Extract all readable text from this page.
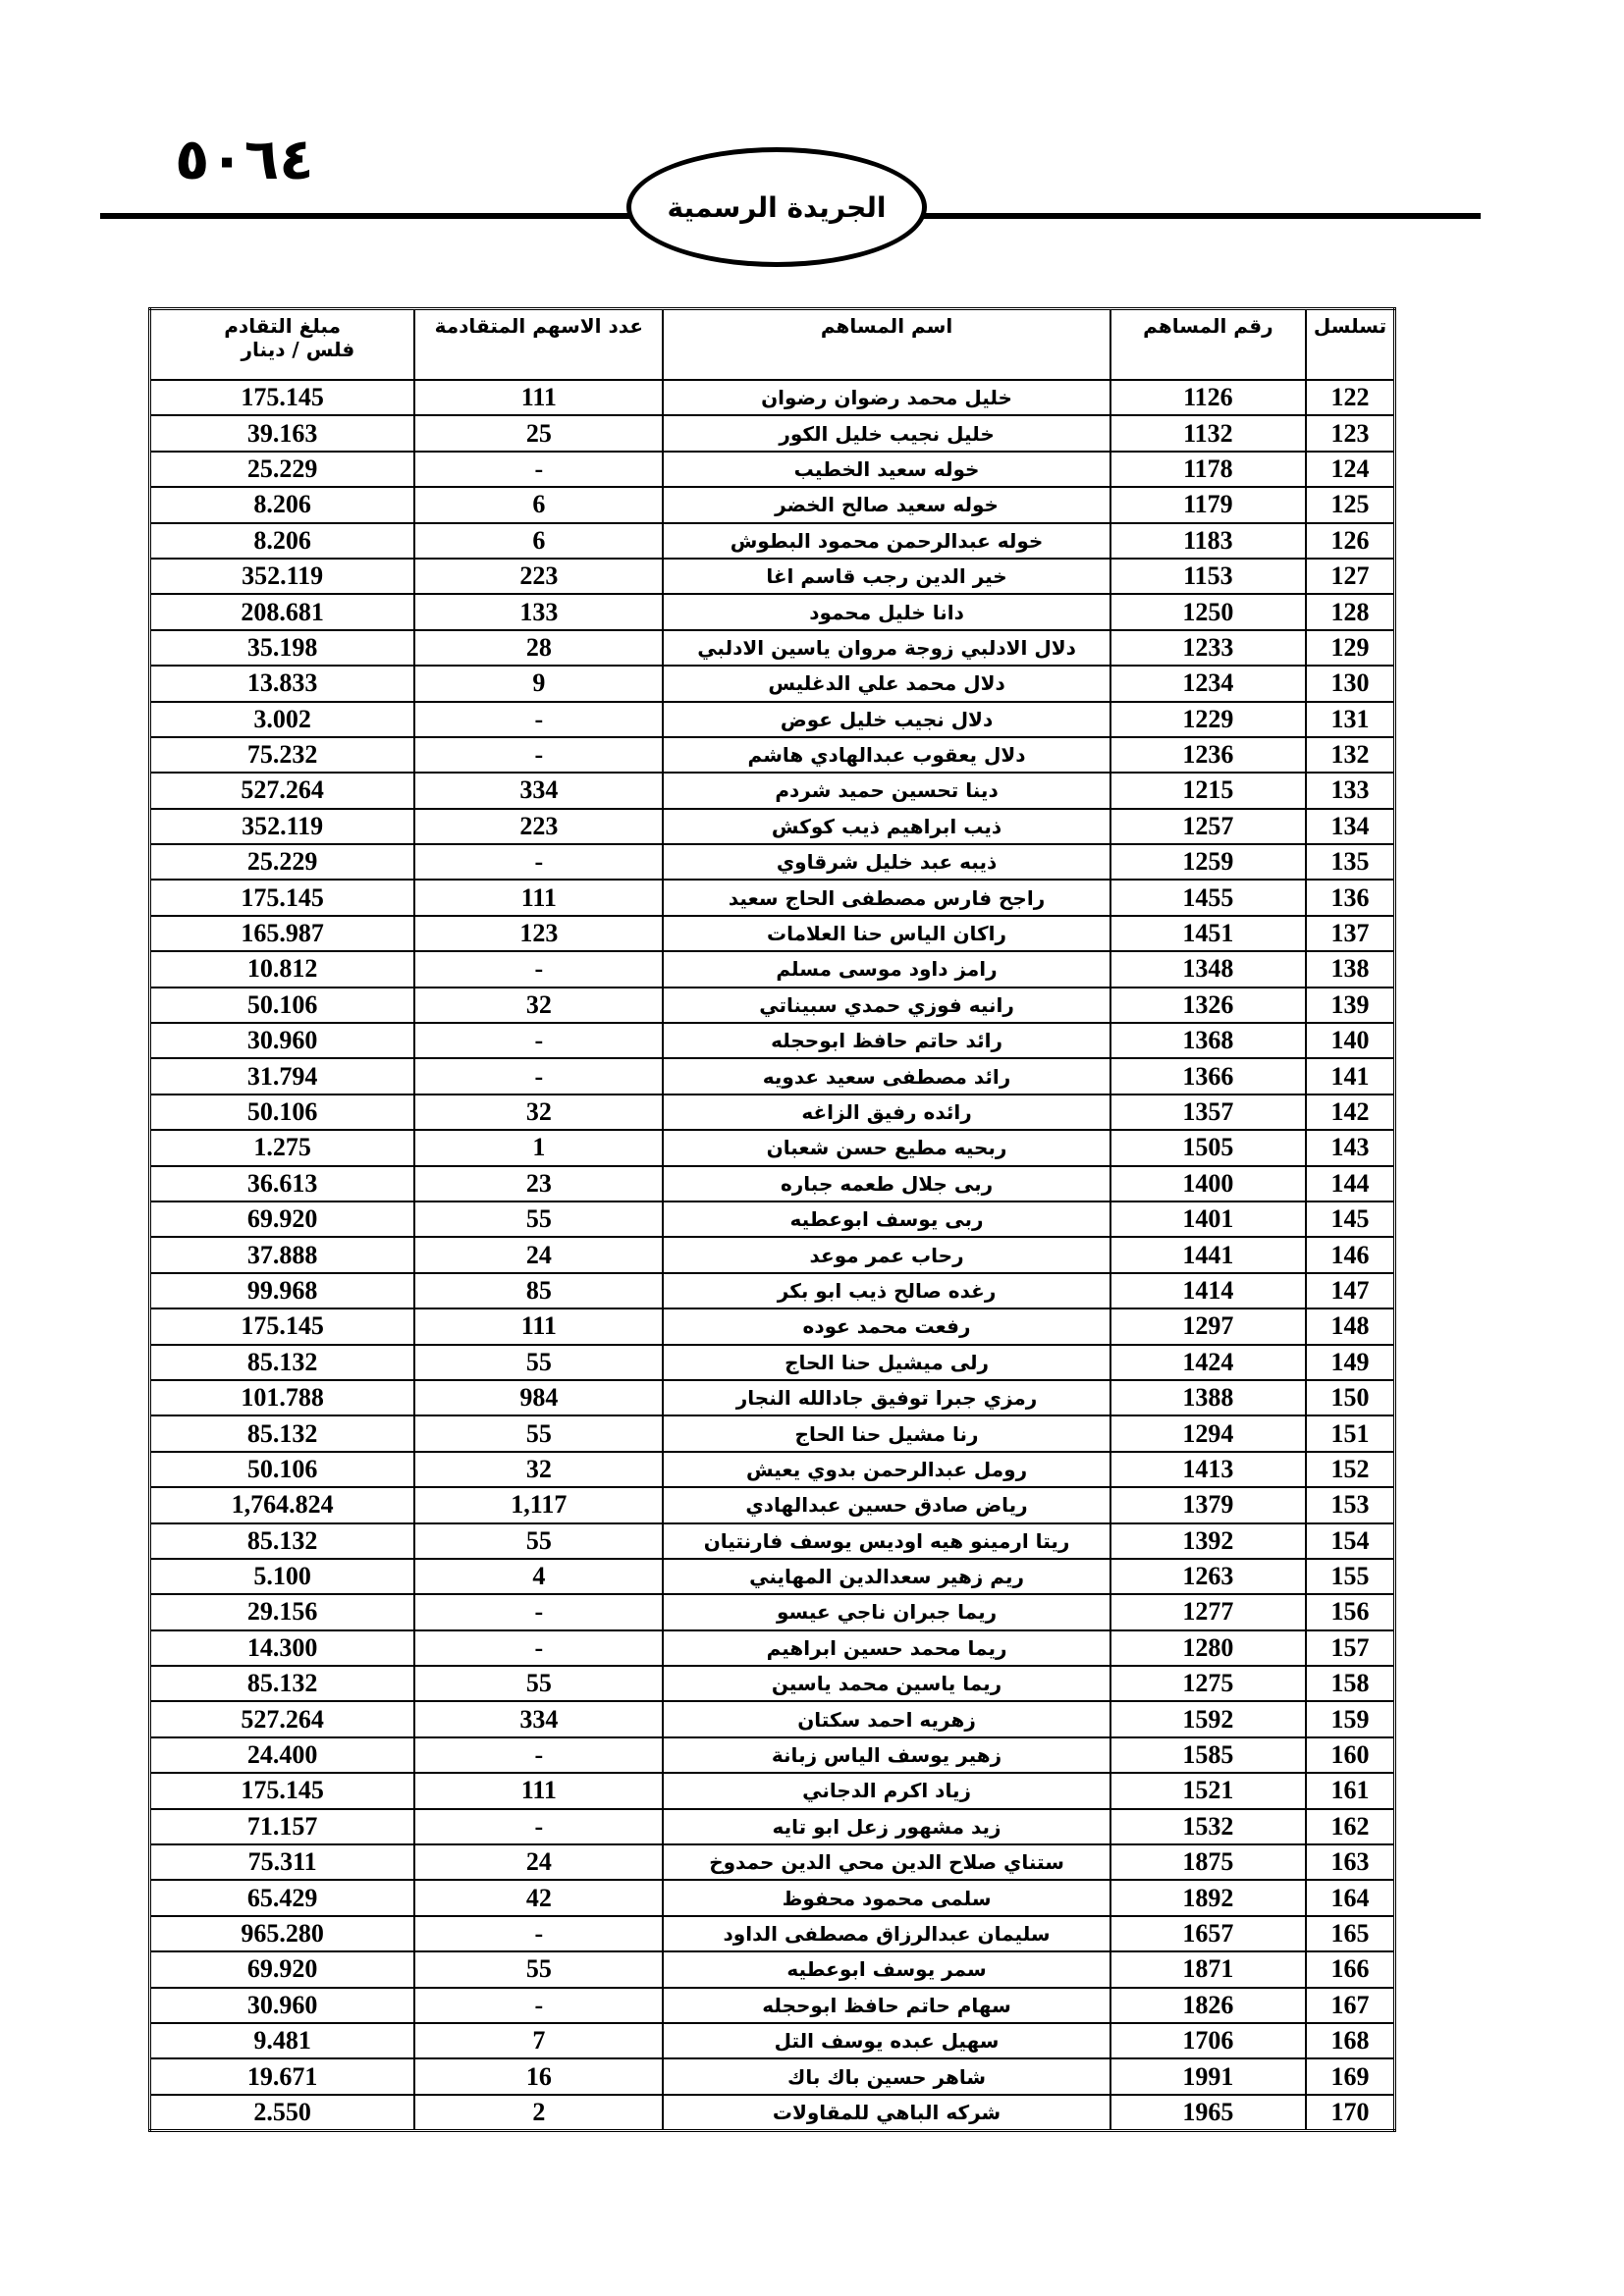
٥٠٦٤
الجريدة الرسمية
تسلسل	رقم المساهم	اسم المساهم	عدد الاسهم المتقادمة	مبلغ التقادم

فلس / دينار

122	1126	خليل محمد رضوان رضوان	111	175.145
123	1132	خليل نجيب خليل الكور	25	39.163
124	1178	خوله سعيد الخطيب	-	25.229
125	1179	خوله سعيد صالح الخضر	6	8.206
126	1183	خوله عبدالرحمن محمود البطوش	6	8.206
127	1153	خير الدين رجب قاسم اغا	223	352.119
128	1250	دانا خليل محمود	133	208.681
129	1233	دلال الادلبي زوجة مروان ياسين الادلبي	28	35.198
130	1234	دلال محمد علي الدغليس	9	13.833
131	1229	دلال نجيب خليل عوض	-	3.002
132	1236	دلال يعقوب عبدالهادي هاشم	-	75.232
133	1215	دينا تحسين حميد شردم	334	527.264
134	1257	ذيب ابراهيم ذيب كوكش	223	352.119
135	1259	ذيبه عبد خليل شرقاوي	-	25.229
136	1455	راجح فارس مصطفى الحاج سعيد	111	175.145
137	1451	راكان الياس حنا العلامات	123	165.987
138	1348	رامز داود موسى مسلم	-	10.812
139	1326	رانيه فوزي حمدي سبيناتي	32	50.106
140	1368	رائد حاتم حافظ ابوحجله	-	30.960
141	1366	رائد مصطفى سعيد عدويه	-	31.794
142	1357	رائده رفيق الزاغه	32	50.106
143	1505	ربحيه مطيع حسن شعبان	1	1.275
144	1400	ربى جلال طعمه جباره	23	36.613
145	1401	ربى يوسف ابوعطيه	55	69.920
146	1441	رحاب عمر موعد	24	37.888
147	1414	رغده صالح ذيب ابو بكر	85	99.968
148	1297	رفعت محمد عوده	111	175.145
149	1424	رلى ميشيل حنا الحاج	55	85.132
150	1388	رمزي جبرا توفيق جادالله النجار	984	101.788
151	1294	رنا مشيل حنا الحاج	55	85.132
152	1413	رومل عبدالرحمن بدوي يعيش	32	50.106
153	1379	رياض صادق حسين عبدالهادي	1,117	1,764.824
154	1392	ريتا ارمينو هيه اوديس يوسف فارنتيان	55	85.132
155	1263	ريم زهير سعدالدين المهايني	4	5.100
156	1277	ريما جبران ناجي عيسو	-	29.156
157	1280	ريما محمد حسين ابراهيم	-	14.300
158	1275	ريما ياسين محمد ياسين	55	85.132
159	1592	زهريه احمد سكتان	334	527.264
160	1585	زهير يوسف الياس زبانة	-	24.400
161	1521	زياد اكرم الدجاني	111	175.145
162	1532	زيد مشهور زعل ابو تايه	-	71.157
163	1875	ستناي صلاح الدين محي الدين حمدوخ	24	75.311
164	1892	سلمى محمود محفوظ	42	65.429
165	1657	سليمان عبدالرزاق مصطفى الداود	-	965.280
166	1871	سمر يوسف ابوعطيه	55	69.920
167	1826	سهام حاتم حافظ ابوحجله	-	30.960
168	1706	سهيل عبده يوسف التل	7	9.481
169	1991	شاهر حسين باك باك	16	19.671
170	1965	شركه الباهي للمقاولات	2	2.550
